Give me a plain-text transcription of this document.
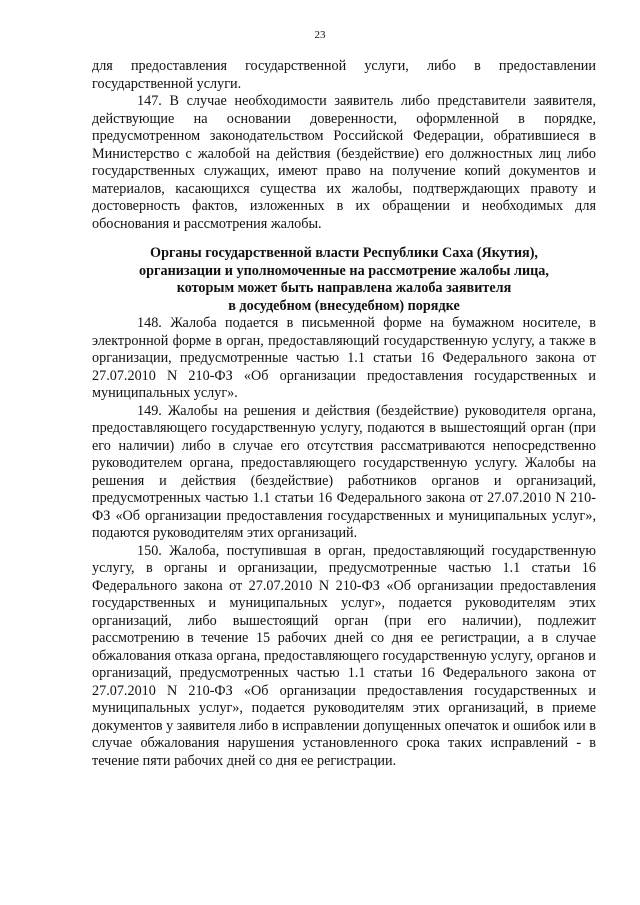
23

для предоставления государственной услуги, либо в предоставлении государственной услуги.

147. В случае необходимости заявитель либо представители заявителя, действующие на основании доверенности, оформленной в порядке, предусмотренном законодательством Российской Федерации, обратившиеся в Министерство с жалобой на действия (бездействие) его должностных лиц либо государственных служащих, имеют право на получение копий документов и материалов, касающихся существа их жалобы, подтверждающих правоту и достоверность фактов, изложенных в их обращении и необходимых для обоснования и рассмотрения жалобы.

Органы государственной власти Республики Саха (Якутия),
организации и уполномоченные на рассмотрение жалобы лица,
которым может быть направлена жалоба заявителя
в досудебном (внесудебном) порядке

148. Жалоба подается в письменной форме на бумажном носителе, в электронной форме в орган, предоставляющий государственную услугу, а также в организации, предусмотренные частью 1.1 статьи 16 Федерального закона от 27.07.2010 N 210-ФЗ «Об организации предоставления государственных и муниципальных услуг».

149. Жалобы на решения и действия (бездействие) руководителя органа, предоставляющего государственную услугу, подаются в вышестоящий орган (при его наличии) либо в случае его отсутствия рассматриваются непосредственно руководителем органа, предоставляющего государственную услугу. Жалобы на решения и действия (бездействие) работников органов и организаций, предусмотренных частью 1.1 статьи 16 Федерального закона от 27.07.2010 N 210-ФЗ «Об организации предоставления государственных и муниципальных услуг», подаются руководителям этих организаций.

150. Жалоба, поступившая в орган, предоставляющий государственную услугу, в органы и организации, предусмотренные частью 1.1 статьи 16 Федерального закона от 27.07.2010 N 210-ФЗ «Об организации предоставления государственных и муниципальных услуг», подается руководителям этих организаций, либо вышестоящий орган (при его наличии), подлежит рассмотрению в течение 15 рабочих дней со дня ее регистрации, а в случае обжалования отказа органа, предоставляющего государственную услугу, органов и организаций, предусмотренных частью 1.1 статьи 16 Федерального закона от 27.07.2010 N 210-ФЗ «Об организации предоставления государственных и муниципальных услуг», подается руководителям этих организаций, в приеме документов у заявителя либо в исправлении допущенных опечаток и ошибок или в случае обжалования нарушения установленного срока таких исправлений - в течение пяти рабочих дней со дня ее регистрации.
